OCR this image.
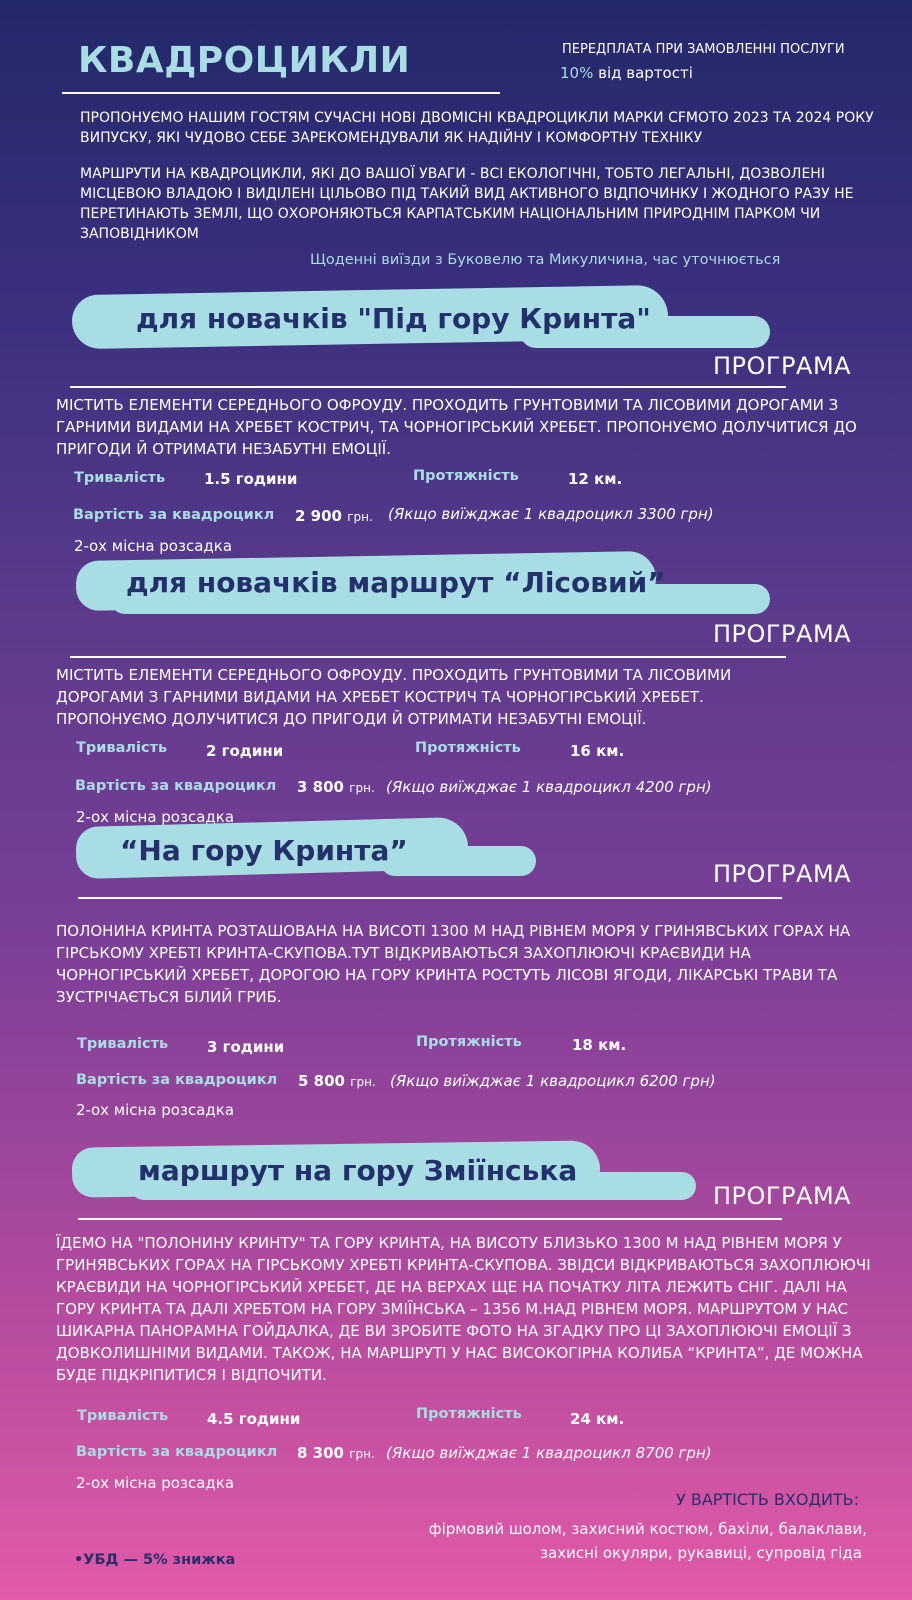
КВАДРОЦИКЛИ	ПЕРЕДПЛАТА ПРИ ЗАМОВЛЕННІ ПОСЛУГИ
10% від вартості
ПРОПОНУЄМО НАШИМ ГОСТЯМ СУЧАСНІ НОВІ ДВОМІСНІ КВАДРОЦИКЛИ МАРКИ CFMOTO 2023 ТА 2024 РОКУ ВИПУСКУ, ЯКІ ЧУДОВО СЕБЕ ЗАРЕКОМЕНДУВАЛИ ЯК НАДІЙНУ І КОМФОРТНУ ТЕХНІКУ
МАРШРУТИ НА КВАДРОЦИКЛИ, ЯКІ ДО ВАШОЇ УВАГИ - ВСІ ЕКОЛОГІЧНІ, ТОБТО ЛЕГАЛЬНІ, ДОЗВОЛЕНІ МІСЦЕВОЮ ВЛАДОЮ І ВИДІЛЕНІ ЦІЛЬОВО ПІД ТАКИЙ ВИД АКТИВНОГО ВІДПОЧИНКУ І ЖОДНОГО РАЗУ НЕ ПЕРЕТИНАЮТЬ ЗЕМЛІ, ЩО ОХОРОНЯЮТЬСЯ КАРПАТСЬКИМ НАЦІОНАЛЬНИМ ПРИРОДНІМ ПАРКОМ ЧИ ЗАПОВІДНИКОМ
Щоденні виїзди з Буковелю та Микуличина, час уточнюється
для новачків "Під гору Кринта"
ПРОГРАМА
МІСТИТЬ ЕЛЕМЕНТИ СЕРЕДНЬОГО ОФРОУДУ. ПРОХОДИТЬ ГРУНТОВИМИ ТА ЛІСОВИМИ ДОРОГАМИ З ГАРНИМИ ВИДАМИ НА ХРЕБЕТ КОСТРИЧ, ТА ЧОРНОГІРСЬКИЙ ХРЕБЕТ. ПРОПОНУЄМО ДОЛУЧИТИСЯ ДО ПРИГОДИ Й ОТРИМАТИ НЕЗАБУТНІ ЕМОЦІЇ.
Тривалість	1.5 години	Протяжність	12 км.
Вартість за квадроцикл 2 900 грн. (Якщо виїжджає 1 квадроцикл 3300 грн)
2-ох місна розсадка
для новачків маршрут “Лісовий”
ПРОГРАМА
МІСТИТЬ ЕЛЕМЕНТИ СЕРЕДНЬОГО ОФРОУДУ. ПРОХОДИТЬ ГРУНТОВИМИ ТА ЛІСОВИМИ ДОРОГАМИ З ГАРНИМИ ВИДАМИ НА ХРЕБЕТ КОСТРИЧ ТА ЧОРНОГІРСЬКИЙ ХРЕБЕТ. ПРОПОНУЄМО ДОЛУЧИТИСЯ ДО ПРИГОДИ Й ОТРИМАТИ НЕЗАБУТНІ ЕМОЦІЇ.
Тривалість	2 години	Протяжність	16 км.
Вартість за квадроцикл 3 800 грн. (Якщо виїжджає 1 квадроцикл 4200 грн)
2-ох місна розсадка
“На гору Кринта”
ПРОГРАМА
ПОЛОНИНА КРИНТА РОЗТАШОВАНА НА ВИСОТІ 1300 М НАД РІВНЕМ МОРЯ У ГРИНЯВСЬКИХ ГОРАХ НА ГІРСЬКОМУ ХРЕБТІ КРИНТА-СКУПОВА.ТУТ ВІДКРИВАЮТЬСЯ ЗАХОПЛЮЮЧІ КРАЄВИДИ НА ЧОРНОГІРСЬКИЙ ХРЕБЕТ, ДОРОГОЮ НА ГОРУ КРИНТА РОСТУТЬ ЛІСОВІ ЯГОДИ, ЛІКАРСЬКІ ТРАВИ ТА ЗУСТРІЧАЄТЬСЯ БІЛИЙ ГРИБ.
Тривалість	3 години	Протяжність	18 км.
Вартість за квадроцикл 5 800 грн. (Якщо виїжджає 1 квадроцикл 6200 грн)
2-ох місна розсадка
маршрут на гору Зміїнська
ПРОГРАМА
ЇДЕМО НА "ПОЛОНИНУ КРИНТУ" ТА ГОРУ КРИНТА, НА ВИСОТУ БЛИЗЬКО 1300 М НАД РІВНЕМ МОРЯ У ГРИНЯВСЬКИХ ГОРАХ НА ГІРСЬКОМУ ХРЕБТІ КРИНТА-СКУПОВА. ЗВІДСИ ВІДКРИВАЮТЬСЯ ЗАХОПЛЮЮЧІ КРАЄВИДИ НА ЧОРНОГІРСЬКИЙ ХРЕБЕТ, ДЕ НА ВЕРХАХ ЩЕ НА ПОЧАТКУ ЛІТА ЛЕЖИТЬ СНІГ. ДАЛІ НА ГОРУ КРИНТА ТА ДАЛІ ХРЕБТОМ НА ГОРУ ЗМІЇНСЬКА – 1356 М.НАД РІВНЕМ МОРЯ. МАРШРУТОМ У НАС ШИКАРНА ПАНОРАМНА ГОЙДАЛКА, ДЕ ВИ ЗРОБИТЕ ФОТО НА ЗГАДКУ ПРО ЦІ ЗАХОПЛЮЮЧІ ЕМОЦІЇ З ДОВКОЛИШНІМИ ВИДАМИ. ТАКОЖ, НА МАРШРУТІ У НАС ВИСОКОГІРНА КОЛИБА “КРИНТА”, ДЕ МОЖНА БУДЕ ПІДКРІПИТИСЯ І ВІДПОЧИТИ.
Тривалість	4.5 години	Протяжність	24 км.
Вартість за квадроцикл 8 300 грн. (Якщо виїжджає 1 квадроцикл 8700 грн)
2-ох місна розсадка
У ВАРТІСТЬ ВХОДИТЬ:
фірмовий шолом, захисний костюм, бахіли, балаклави,
захисні окуляри, рукавиці, супровід гіда
•УБД — 5% знижка
